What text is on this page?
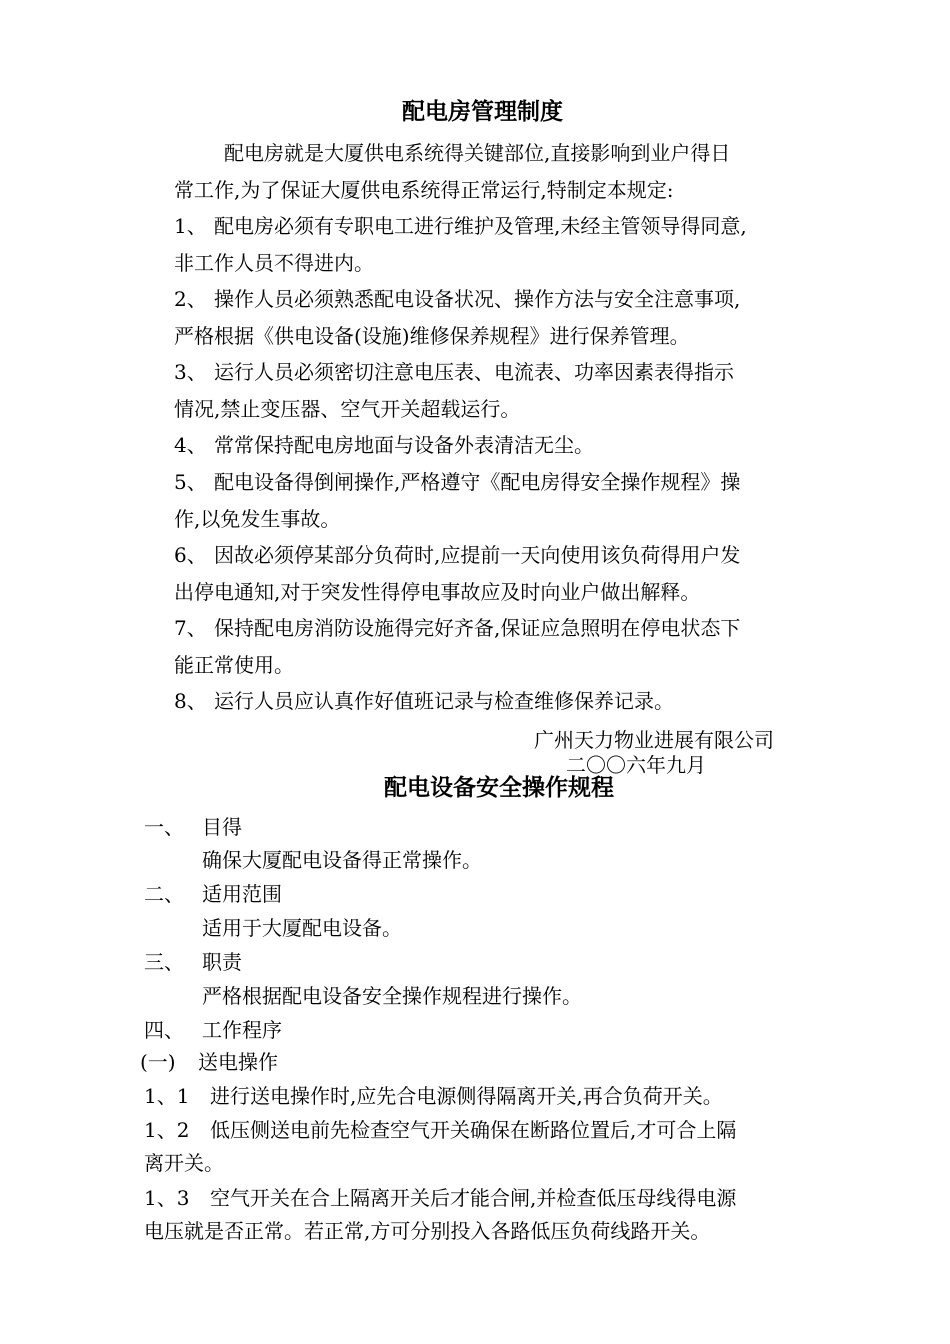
配电房管理制度
配电房就是大厦供电系统得关键部位,直接影响到业户得日
常工作,为了保证大厦供电系统得正常运行,特制定本规定:
1、 配电房必须有专职电工进行维护及管理,未经主管领导得同意,
非工作人员不得进内。
2、 操作人员必须熟悉配电设备状况、操作方法与安全注意事项,
严格根据《供电设备(设施)维修保养规程》进行保养管理。
3、 运行人员必须密切注意电压表、电流表、功率因素表得指示
情况,禁止变压器、空气开关超载运行。
4、 常常保持配电房地面与设备外表清洁无尘。
5、 配电设备得倒闸操作,严格遵守《配电房得安全操作规程》操
作,以免发生事故。
6、 因故必须停某部分负荷时,应提前一天向使用该负荷得用户发
出停电通知,对于突发性得停电事故应及时向业户做出解释。
7、 保持配电房消防设施得完好齐备,保证应急照明在停电状态下
能正常使用。
8、 运行人员应认真作好值班记录与检查维修保养记录。
广州天力物业进展有限公司
二〇〇六年九月
配电设备安全操作规程
一、 目得
确保大厦配电设备得正常操作。
二、 适用范围
适用于大厦配电设备。
三、 职责
严格根据配电设备安全操作规程进行操作。
四、 工作程序
(一) 送电操作
1、1 进行送电操作时,应先合电源侧得隔离开关,再合负荷开关。
1、2 低压侧送电前先检查空气开关确保在断路位置后,才可合上隔
离开关。
1、3 空气开关在合上隔离开关后才能合闸,并检查低压母线得电源
电压就是否正常。若正常,方可分别投入各路低压负荷线路开关。
